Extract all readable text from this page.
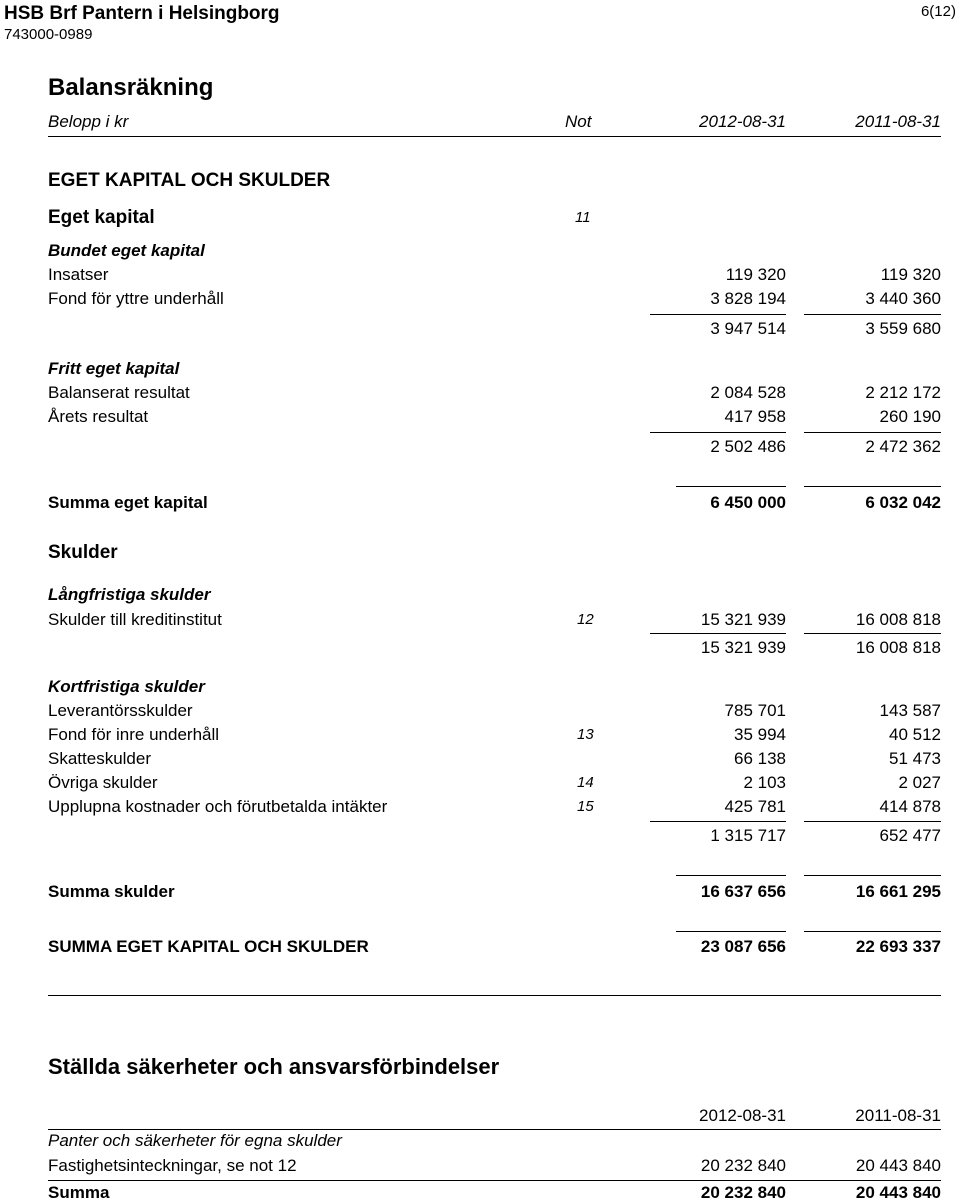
HSB Brf Pantern i Helsingborg
743000-0989
6(12)
Balansräkning
Belopp i kr	Not	2012-08-31	2011-08-31
EGET KAPITAL OCH SKULDER
Eget kapital	11
Bundet eget kapital
Insatser	119 320	119 320
Fond för yttre underhåll	3 828 194	3 440 360
3 947 514	3 559 680
Fritt eget kapital
Balanserat resultat	2 084 528	2 212 172
Årets resultat	417 958	260 190
2 502 486	2 472 362
Summa eget kapital	6 450 000	6 032 042
Skulder
Långfristiga skulder
Skulder till kreditinstitut	12	15 321 939	16 008 818
15 321 939	16 008 818
Kortfristiga skulder
Leverantörsskulder	785 701	143 587
Fond för inre underhåll	13	35 994	40 512
Skatteskulder	66 138	51 473
Övriga skulder	14	2 103	2 027
Upplupna kostnader och förutbetalda intäkter	15	425 781	414 878
1 315 717	652 477
Summa skulder	16 637 656	16 661 295
SUMMA EGET KAPITAL OCH SKULDER	23 087 656	22 693 337
Ställda säkerheter och ansvarsförbindelser
2012-08-31	2011-08-31
Panter och säkerheter för egna skulder
Fastighetsinteckningar, se not 12	20 232 840	20 443 840
Summa	20 232 840	20 443 840
